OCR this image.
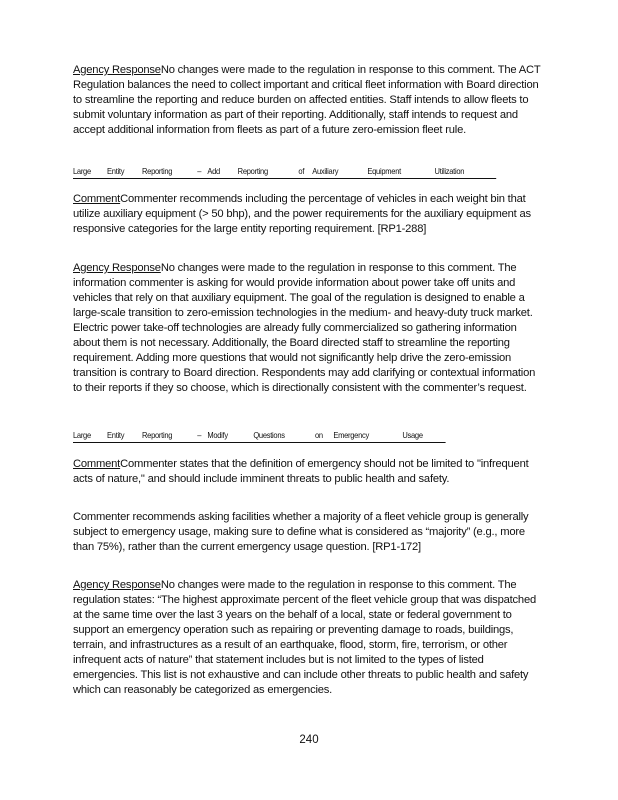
Agency ResponseNo changes were made to the regulation in response to this comment. The ACT Regulation balances the need to collect important and critical fleet information with Board direction to streamline the reporting and reduce burden on affected entities. Staff intends to allow fleets to submit voluntary information as part of their reporting. Additionally, staff intends to request and accept additional information from fleets as part of a future zero-emission fleet rule.

Large Entity Reporting	– Add Reporting	of Auxiliary	Equipment	Utilization

CommentCommenter recommends including the percentage of vehicles in each weight bin that utilize auxiliary equipment (> 50 bhp), and the power requirements for the auxiliary equipment as responsive categories for the large entity reporting requirement. [RP1-288]

Agency ResponseNo changes were made to the regulation in response to this comment. The information commenter is asking for would provide information about power take off units and vehicles that rely on that auxiliary equipment. The goal of the regulation is designed to enable a large-scale transition to zero-emission technologies in the medium- and heavy-duty truck market. Electric power take-off technologies are already fully commercialized so gathering information about them is not necessary. Additionally, the Board directed staff to streamline the reporting requirement. Adding more questions that would not significantly help drive the zero-emission transition is contrary to Board direction. Respondents may add clarifying or contextual information to their reports if they so choose, which is directionally consistent with the commenter’s request.

Large Entity Reporting	– Modify	Questions	on Emergency	Usage

CommentCommenter states that the definition of emergency should not be limited to "infrequent acts of nature," and should include imminent threats to public health and safety.

Commenter recommends asking facilities whether a majority of a fleet vehicle group is generally subject to emergency usage, making sure to define what is considered as “majority” (e.g., more than 75%), rather than the current emergency usage question. [RP1-172]

Agency ResponseNo changes were made to the regulation in response to this comment. The regulation states: “The highest approximate percent of the fleet vehicle group that was dispatched at the same time over the last 3 years on the behalf of a local, state or federal government to support an emergency operation such as repairing or preventing damage to roads, buildings, terrain, and infrastructures as a result of an earthquake, flood, storm, fire, terrorism, or other infrequent acts of nature” that statement includes but is not limited to the types of listed emergencies. This list is not exhaustive and can include other threats to public health and safety which can reasonably be categorized as emergencies.

240
